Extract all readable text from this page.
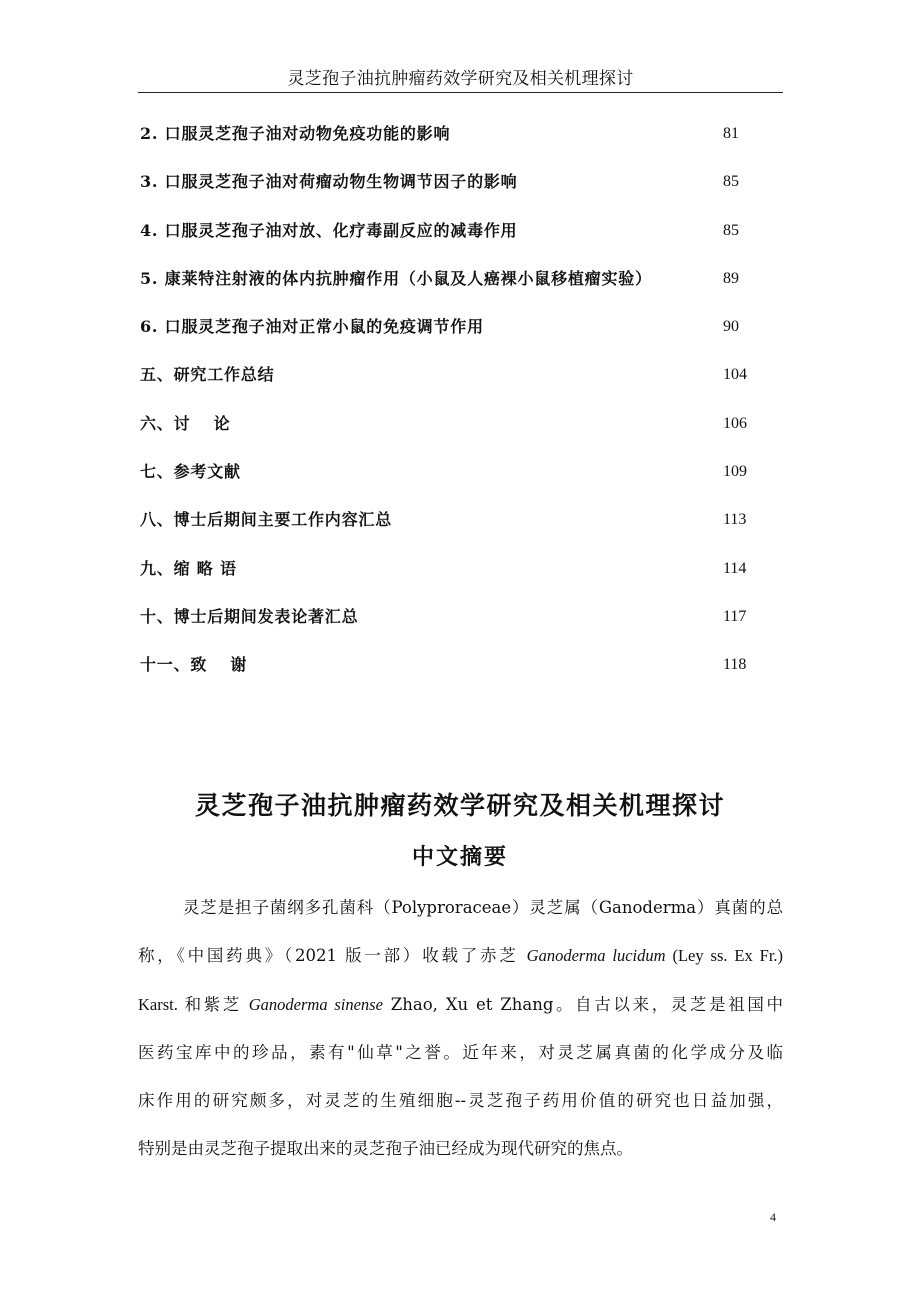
灵芝孢子油抗肿瘤药效学研究及相关机理探讨
2. 口服灵芝孢子油对动物免疫功能的影响	81
3. 口服灵芝孢子油对荷瘤动物生物调节因子的影响	85
4. 口服灵芝孢子油对放、化疗毒副反应的减毒作用	85
5. 康莱特注射液的体内抗肿瘤作用（小鼠及人癌裸小鼠移植瘤实验）	89
6. 口服灵芝孢子油对正常小鼠的免疫调节作用	90
五、研究工作总结	104
六、讨　 论	106
七、参考文献	109
八、博士后期间主要工作内容汇总	113
九、缩 略 语	114
十、博士后期间发表论著汇总	117
十一、致　 谢	118
灵芝孢子油抗肿瘤药效学研究及相关机理探讨
中文摘要
灵芝是担子菌纲多孔菌科（Polyproraceae）灵芝属（Ganoderma）真菌的总
称，《中国药典》（2021 版一部）收载了赤芝 Ganoderma lucidum (Ley ss. Ex Fr.)
Karst. 和紫芝 Ganoderma sinense Zhao, Xu et Zhang。自古以来，灵芝是祖国中
医药宝库中的珍品，素有"仙草"之誉。近年来，对灵芝属真菌的化学成分及临
床作用的研究颇多，对灵芝的生殖细胞--灵芝孢子药用价值的研究也日益加强，
特别是由灵芝孢子提取出来的灵芝孢子油已经成为现代研究的焦点。
4
